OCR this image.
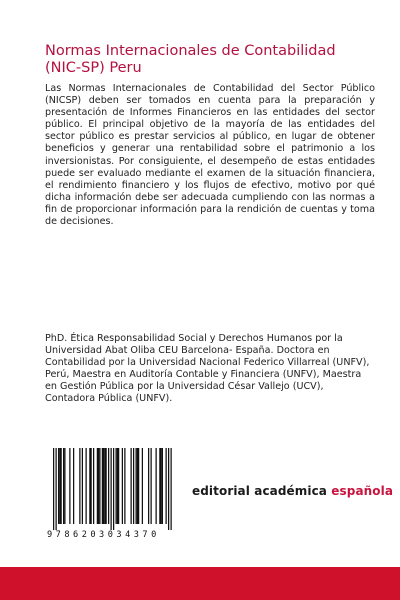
Normas Internacionales de Contabilidad
(NIC-SP) Peru

Las Normas Internacionales de Contabilidad del Sector Público (NICSP) deben ser tomados en cuenta para la preparación y presentación de Informes Financieros en las entidades del sector público. El principal objetivo de la mayoría de las entidades del sector público es prestar servicios al público, en lugar de obtener beneficios y generar una rentabilidad sobre el patrimonio a los inversionistas. Por consiguiente, el desempeño de estas entidades puede ser evaluado mediante el examen de la situación financiera, el rendimiento financiero y los flujos de efectivo, motivo por qué dicha información debe ser adecuada cumpliendo con las normas a fin de proporcionar información para la rendición de cuentas y toma de decisiones.

PhD. Ética Responsabilidad Social y Derechos Humanos por la Universidad Abat Oliba CEU Barcelona- España. Doctora en Contabilidad por la Universidad Nacional Federico Villarreal (UNFV), Perú, Maestra en Auditoría Contable y Financiera (UNFV), Maestra en Gestión Pública por la Universidad César Vallejo (UCV), Contadora Pública (UNFV).

9786203034370
editorial académica española
